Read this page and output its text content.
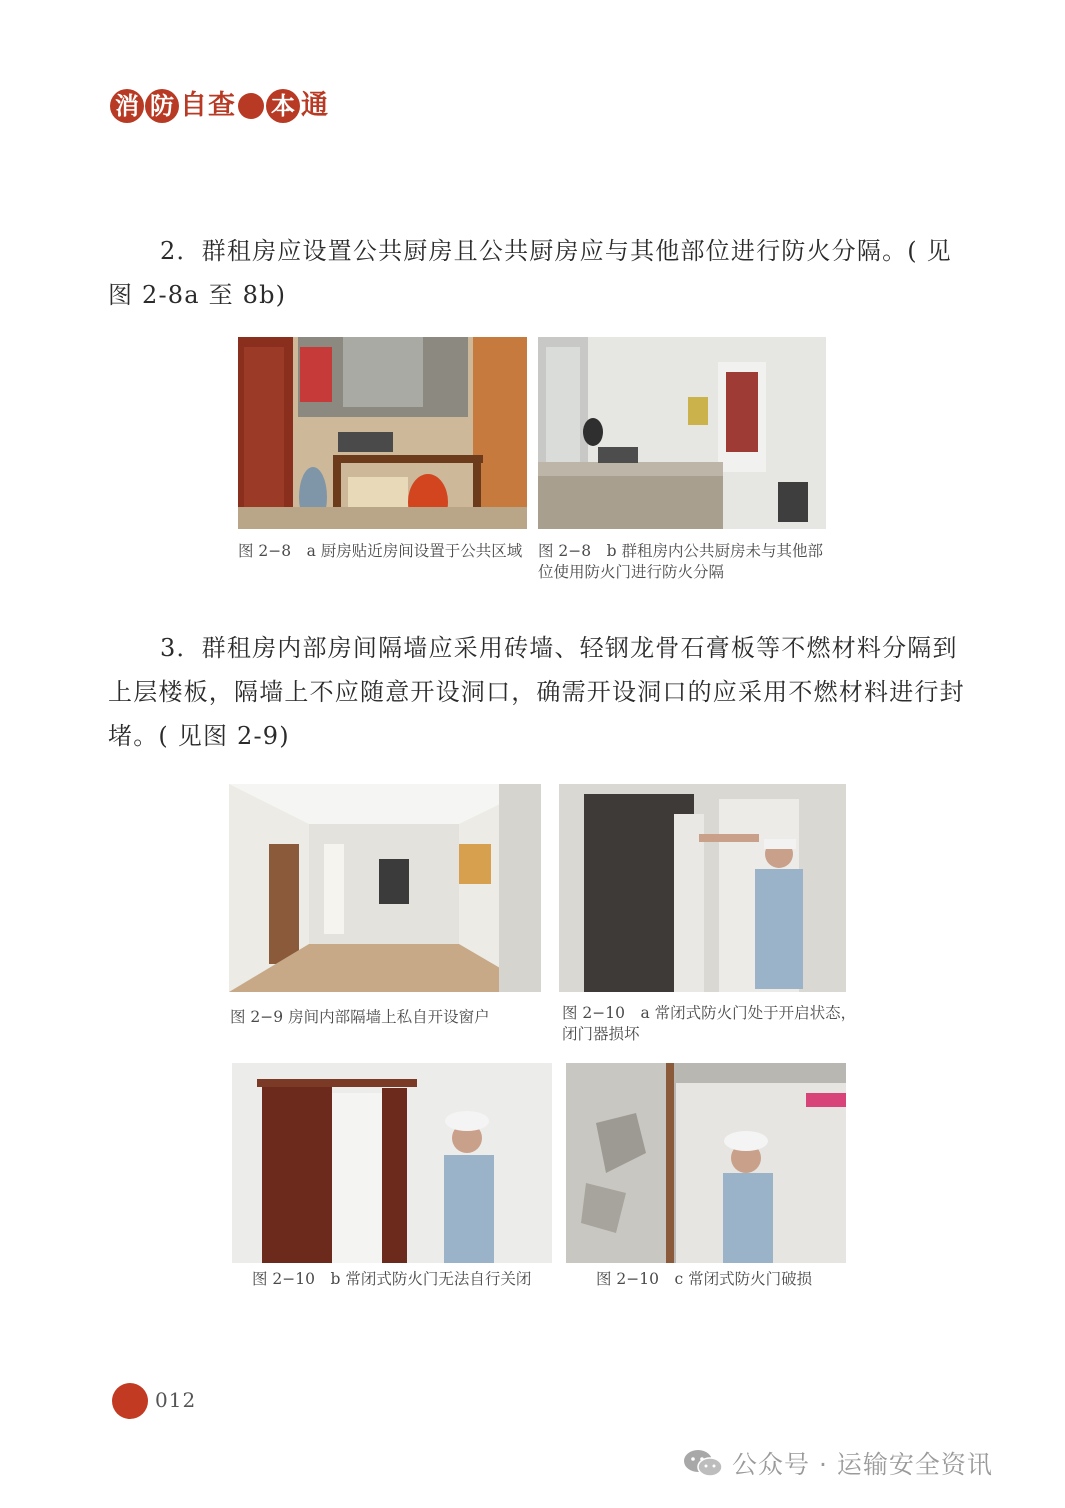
消 防 自 查 本 通

2．群租房应设置公共厨房且公共厨房应与其他部位进行防火分隔。( 见图 2-8a 至 8b)

图 2−8　a 厨房贴近房间设置于公共区域	图 2−8　b 群租房内公共厨房未与其他部位使用防火门进行防火分隔

3．群租房内部房间隔墙应采用砖墙、轻钢龙骨石膏板等不燃材料分隔到上层楼板，隔墙上不应随意开设洞口，确需开设洞口的应采用不燃材料进行封堵。( 见图 2-9)

图 2−9 房间内部隔墙上私自开设窗户	图 2−10　a 常闭式防火门处于开启状态，闭门器损坏

图 2−10　b 常闭式防火门无法自行关闭	图 2−10　c 常闭式防火门破损

012
公众号 · 运输安全资讯
